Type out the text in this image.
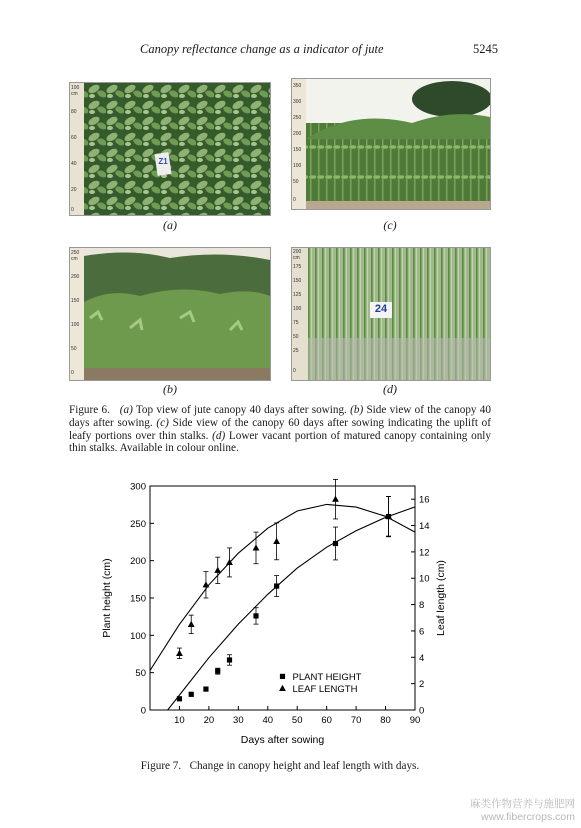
Canopy reflectance change as a indicator of jute	5245
100
cm
80
60
40
20
0
Z1
(a)
350
300
250
200
150
100
50
0
(c)
250
cm
200
150
100
50
0
(b)
200
cm
175
150
125
100
75
50
25
0
24
(d)
Figure 6. (a) Top view of jute canopy 40 days after sowing. (b) Side view of the canopy 40 days after sowing. (c) Side view of the canopy 60 days after sowing indicating the uplift of leafy portions over thin stalks. (d) Lower vacant portion of matured canopy containing only thin stalks. Available in colour online.
10 20 30 40 50 60 70 80 90
0
50
100
150
200
250
300
0
2
4
6
8
10
12
14
16
Days after sowing
Plant height (cm)	Leaf length (cm)
PLANT HEIGHT
LEAF LENGTH
Figure 7. Change in canopy height and leaf length with days.
麻类作物营养与施肥网
www.fibercrops.com
